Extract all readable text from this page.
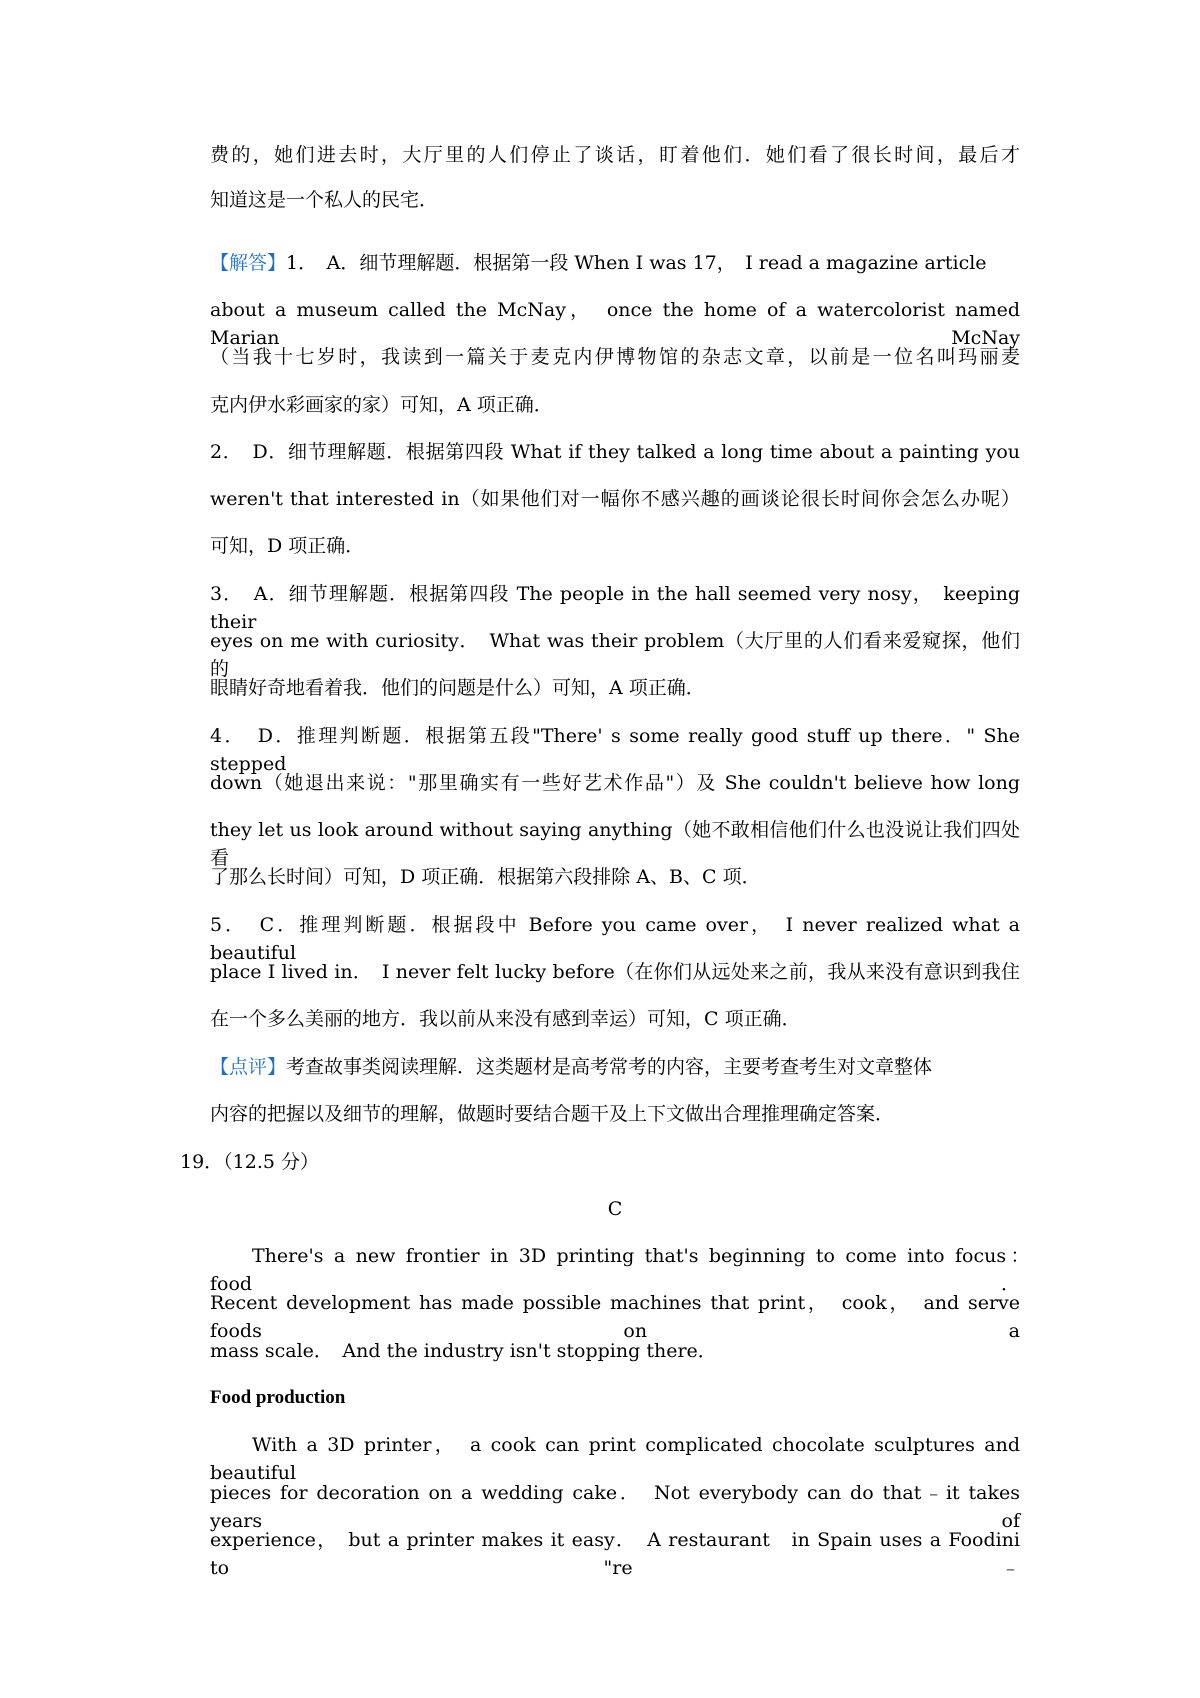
费的，她们进去时，大厅里的人们停止了谈话，盯着他们．她们看了很长时间，最后才
知道这是一个私人的民宅．
【解答】1．　A．细节理解题．根据第一段 When I was 17，　I read a magazine article
about a museum called the McNay，　once the home of a watercolorist named Marian McNay
（当我十七岁时，我读到一篇关于麦克内伊博物馆的杂志文章，以前是一位名叫玛丽麦
克内伊水彩画家的家）可知，A 项正确．
2．　D．细节理解题．根据第四段 What if they talked a long time about a painting you
weren't that interested in（如果他们对一幅你不感兴趣的画谈论很长时间你会怎么办呢）
可知，D 项正确．
3．　A．细节理解题．根据第四段 The people in the hall seemed very nosy，　keeping their
eyes on me with curiosity．　What was their problem（大厅里的人们看来爱窥探，他们的
眼睛好奇地看着我．他们的问题是什么）可知，A 项正确．
4．　D．推理判断题．根据第五段"There' s some really good stuff up there．" She stepped
down（她退出来说："那里确实有一些好艺术作品"）及 She couldn't believe how long
they let us look around without saying anything（她不敢相信他们什么也没说让我们四处看
了那么长时间）可知，D 项正确．根据第六段排除 A、B、C 项．
5．　C．推理判断题．根据段中 Before you came over，　I never realized what a beautiful
place I lived in．　I never felt lucky before（在你们从远处来之前，我从来没有意识到我住
在一个多么美丽的地方．我以前从来没有感到幸运）可知，C 项正确．
【点评】考查故事类阅读理解．这类题材是高考常考的内容，主要考查考生对文章整体
内容的把握以及细节的理解，做题时要结合题干及上下文做出合理推理确定答案．
19．（12.5 分）
C
There's a new frontier in 3D printing that's beginning to come into focus：　food．
Recent development has made possible machines that print，　cook，　and serve foods on a
mass scale．　And the industry isn't stopping there．
Food production
With a 3D printer，　a cook can print complicated chocolate sculptures and beautiful
pieces for decoration on a wedding cake．　Not everybody can do that﹣it takes years of
experience，　but a printer makes it easy．　A restaurant　in Spain uses a Foodini to "re﹣
